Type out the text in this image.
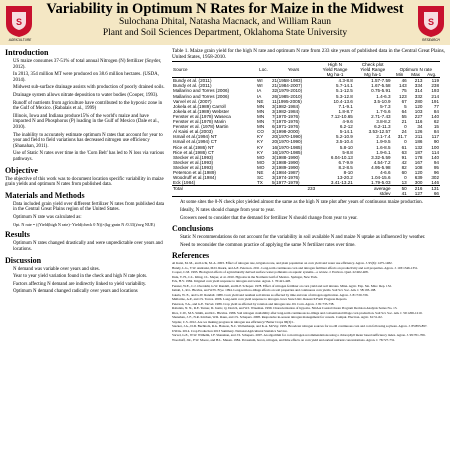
S
AGRICULTURE
Variability in Optimum N Rates for Maize in the Midwest
Sulochana Dhital, Natasha Macnack, and William Raun
Plant and Soil Sciences Department, Oklahoma State University
S
RESEARCH
Introduction
• US maize consumes 37-51% of total annual Nitrogen (N) fertilizer (Snyder, 2012).
• In 2013, 354 million MT were produced on 38.6 million hectares. (USDA, 2014).
• Midwest sub-surface drainage assists with production of poorly drained soils.
• Drainage system allows nitrate deposition to water bodies (Cooper, 1993).
• Runoff of nutrients from agriculture have contributed to the hypoxic zone in the Gulf of Mexico. (Rabalais et al., 1999)
• Illinois, Iowa and Indiana produce15% of the world's maize and have impacted N and Phosphorus (P) loading in the Gulf of Mexico (Dale et al., 2010).
• The inability to accurately estimate optimum N rates that account for year to year and field to field variations has decreased nitrogen use efficiency (Shanahan, 2011).
• Use of Static N rates over time in the 'Corn Belt' has led to N loss via various pathways.
Objective

The objective of this work was to document location specific variability in maize grain yields and optimum N rates from published data.

Materials and Methods
• Data included grain yield over different fertilizer N rates from published data in the Central Great Plains region of the United States.
• Optimum N rate was calculated as:
Opt. N rate = ((Yield(high N rate)−Yield(check 0 N))×(kg·grain N /0.33))/avg NUE)
Results
• Optimum N rates changed drastically and were unpredictable over years and locations.
Discussion
• N demand was variable over years and sites.
• Year to year yield variation found in the check and high N rate plots.
• Factors affecting N demand are indirectly linked to yield variability.
• Optimum N demand changed radically over years and locations
Table 1. Maize grain yield for the high N rate and optimum N rate from 233 site years of published data in the Central Great Plains, United States, 1958-2010.
			High N	Check plot			
Source	Loc.	Years	Yield Range	Yield Range	Optimum N rate		
			Mg ha-1	Mg ha-1	Min	Max	Avg.
Bundy et al. (2011)	WI	21(1958-1983)	4.3-8.8	1.57-7.59	46	213	119
Bundy et al. (2011)	WI	21(1984-2007)	5.7-14.1	1.67-5.58	143	334	238
Mallarino and Torres (2006)	IA	32(1979-2010)	5.1-12.5	0.75-5.91	75	314	193
Mallarino and Torres (2006)	IA	26(1985-2010)	5.3-12.8	1.4-6.3	123	332	214
Varvel et al. (2007)	NE	11(1995-2005)	10.4-13.6	3.5-10.9	67	280	191
Jokela et al.(1989) Carroll	MN	3(1982-1984)	7.1-9.1	5-7.3	5	120	77
Jokela et al.(1989) Webster	MN	3(1982-1984)	1.8-8.7	1.7-5.6	64	103	84
Fenster et al.(1978) Waseca	MN	7(1970-1976)	7.12-10.65	2.71-7.43	55	227	140
Fenster et al.(1978) Marin	MN	7(1970-1976)	4-9.6	3.8-8.2	21	116	62
Fenster et al. (1978) Martin	MN	6(1971-1976)	6.2-12	6.2-11.3	0	34	15
Al Kaisi et al.(2003)	CO	3(1998-2000)	5-14.1	3.53-12.57	24	126	84
Ismail et al.(1994) NT	KY	20(1970-1990)	5.2-10.9	2.1-7.4	31.7	211	117
Ismail et al.(1994) CT	KY	20(1970-1990)	3.5-10.4	1.9-9.5	0	186	90
Rice et al.(1986) NT	KY	16(1970-1985)	5.8-10	1.6-8.5	61	132	100
Rice et al.(1986) CT	KY	16(1970-1985)	5-8.8	1.9-6.1	63	187	114
Stecker et al.(1993)	MO	3(1988-1990)	6.04-10.13	3.32-5.59	91	178	140
Stecker et al.(1993)	MO	3(1988-1990)	6.7-9.9	4.54-7.2	42	167	94
Stecker et al.(1993)	MO	2(1989-1990)	8.2-8.5	4.95-5.98	82	108	95
Peterson et al.(1989)	NE	4(1984-1987)	8-10	4-6.6	60	120	96
Woodruff et al.(1984)	SC	3(1974-1976)	13-20.2	1.04-15.6	0	639	302
Eck (1984)	TX	5(1977-1979)	3.41-13.21	1.79-5.03	13	300	146
Total		233		average	50	216	131
				stdev	41	127	66
• At some sites the 0-N check plot yielded almost the same as the high N rate plot after years of continuous maize production.
• Ideally, N rates should change from year to year.
• Growers need to consider that the demand for fertilizer N should change from year to year.
Conclusions
• Static N recommendations do not account for the variability in soil available N and maize N uptake as influenced by weather.
• Need to reconsider the common practice of applying the same N fertilizer rates over time.
References

Al Kaisi, M. M., and Licht, M. A. 2003. Effect of nitrogen rate, irrigation rate, and plant population on corn yield and water use efficiency. Agron. J. 95(6): 1475-1482.

Bundy, L.G., T.W. Andraski, M.D. Ruark, and A.E. Peterson. 2011. Long-term continuous corn and nitrogen fertilizer effects on productivity and soil properties. Agron. J. 103:1346-1351.

Cooper, C.M. 1993. Biological effects of agriculturally derived surface water pollutants on aquatic systems—a review. J. Environ. Qual. 22:402-408.

Dale, V. H., C.L. Kling, J.L. Meyer, et al. 2010. Hypoxia in the Northern Gulf of Mexico. Springer, New York.

Eck, H.V. 1984. Irrigated corn yield response to nitrogen and water. Agron. J. 76:421-428.

Fenster, W.E., C.J. Overdahl, G.W. Randall, and R.P. Schoper. 1978. Effect of nitrogen fertilizer on corn yield and soil nitrates. Minn. Agric. Exp. Stn. Misc. Rep. 152.

Ismail, I., R.L. Blevins, and W.W. Frye. 1994. Long-term no-tillage effects on soil properties and continuous corn yields. Soil Sci. Soc. Am. J. 58:193-198.

Jokela, W. E., and G.W. Randall. 1989. Corn yield and residual soil nitrate as affected by time and rate of nitrogen application. Agron. J. 81:720-726.

Mallarino, A.P., and J.S. Torres. 2006. Long-term corn yield response to nitrogen. Iowa State Univ. Research Farm Progress Reports.

Peterson, T.A., and G.E. Varvel. 1989. Crop yield as affected by rotation and nitrogen rate. III. Corn. Agron. J. 81:735-738.

Rabalais, N. N., R.E. Turner, D. Justic, Q. Dortch, and W.J. Wiseman. 1999. Characterization of hypoxia. NOAA Coastal Ocean Program Decision Analysis Series No. 15.

Rice, C.W., M.S. Smith, and R.L. Blevins. 1986. Soil nitrogen availability after long-term continuous no-tillage and conventional tillage corn production. Soil Sci. Soc. Am. J. 50:1206-1210.

Shanahan, J. F., N.R. Kitchen, W.R. Raun, and J.S. Schepers. 2008. Responsive in-season nitrogen management for cereals. Comput. Electron. Agric. 61:51-62.

Snyder, C.S. 2012. Are we making progress in nitrogen use efficiency? Better Crops 96(3):1.

Stecker, J.A., D.D. Buchholz, R.G. Hanson, N.C. Wollenhaupt, and K.A. McVay. 1993. Broadcast nitrogen sources for no-till continuous corn and corn following soybean. Agron. J. 85:893-897.

USDA. 2014. Crop Production 2013 Summary. National Agricultural Statistics Service.

Varvel, G.E., W.W. Wilhelm, J.F. Shanahan, and J.S. Schepers. 2007. An algorithm for corn nitrogen recommendations using a chlorophyll meter based sufficiency index. Agron. J. 99:701-706.

Woodruff, J.R., F.W. Moore, and H.L. Musen. 1984. Potassium, boron, nitrogen, and lime effects on corn yield and earleaf nutrient concentrations. Agron. J. 76:727-731.
